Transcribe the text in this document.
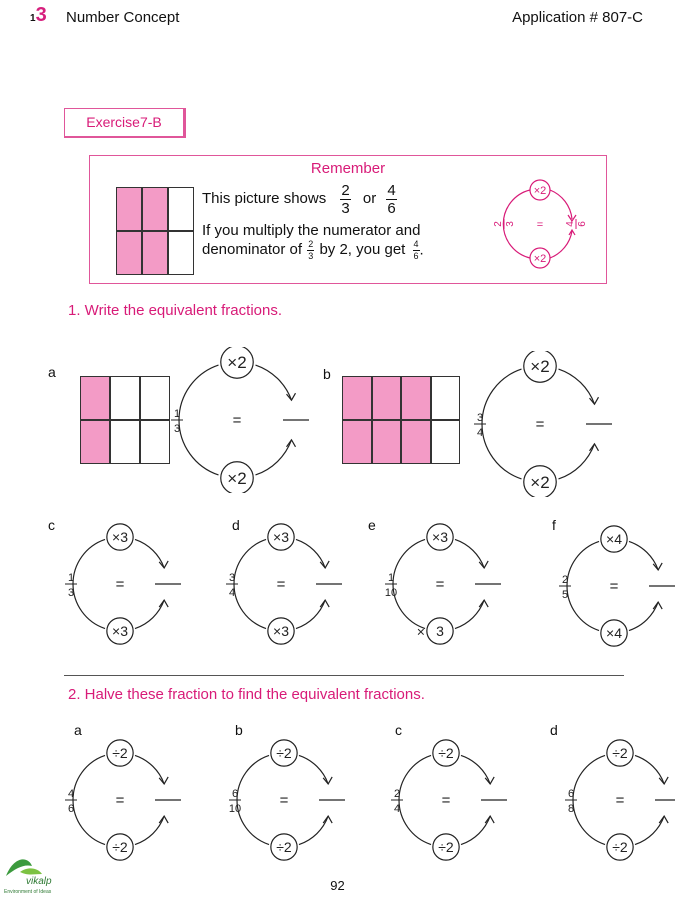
13 Number Concept	Application # 807-C
Exercise7-B
Remember
This picture shows $\frac{2}{3}$ or $\frac{4}{6}$
If you multiply the numerator and
denominator of $\frac{2}{3}$ by 2, you get $\frac{4}{6}$ .
×2
×2
=
2 3	4 6
1. Write the equivalent fractions.
a	×2
×2
=
1
3
b	×2
×2
=
3
4
c
×3
×3
=
1
3
d
×3
×3
=
3
4
e
×3
3
×
=
1
10
f
×4
×4
=
2
5
a
÷2
÷2
=
4
6
b
÷2
÷2
=
6
10
c
÷2
÷2
=
2
4
d
÷2
÷2
=
6
8
2. Halve these fraction to find the equivalent fractions.
92
vikalp
Environment of Ideas
